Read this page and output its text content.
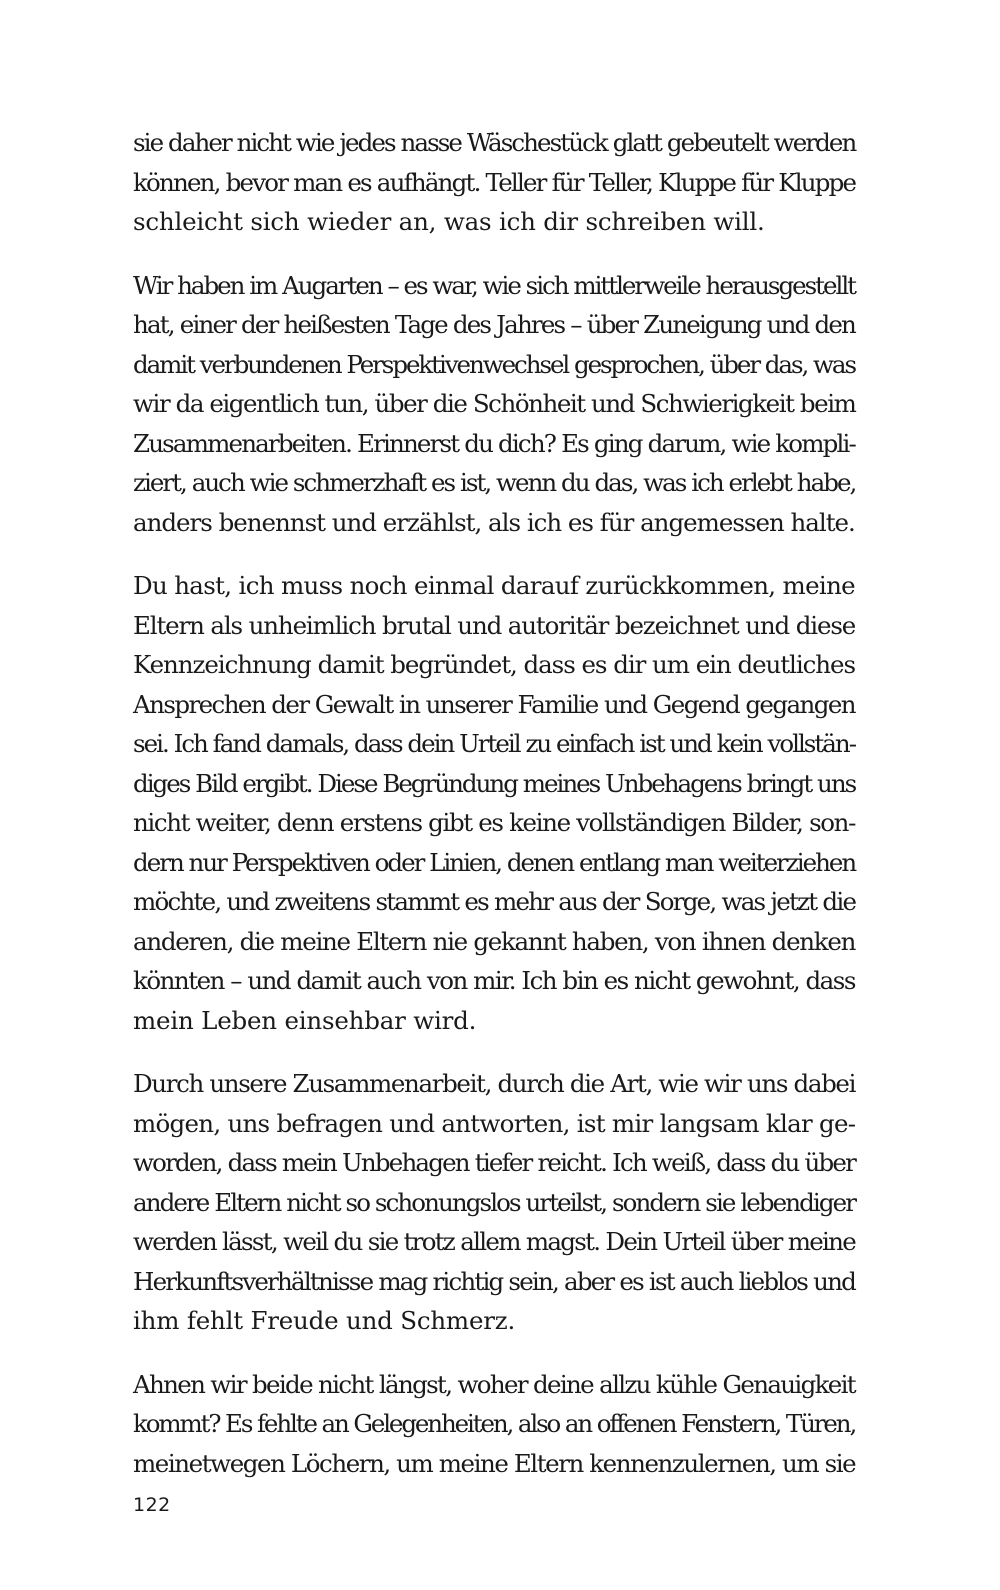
sie daher nicht wie jedes nasse Wäschestück glatt gebeutelt werden
können, bevor man es aufhängt. Teller für Teller, Kluppe für Kluppe
schleicht sich wieder an, was ich dir schreiben will.

Wir haben im Augarten – es war, wie sich mittlerweile herausgestellt
hat, einer der heißesten Tage des Jahres – über Zuneigung und den
damit verbundenen Perspektivenwechsel gesprochen, über das, was
wir da eigentlich tun, über die Schönheit und Schwierigkeit beim
Zusammenarbeiten. Erinnerst du dich? Es ging darum, wie kompli-
ziert, auch wie schmerzhaft es ist, wenn du das, was ich erlebt habe,
anders benennst und erzählst, als ich es für angemessen halte.

Du hast, ich muss noch einmal darauf zurückkommen, meine
Eltern als unheimlich brutal und autoritär bezeichnet und diese
Kennzeichnung damit begründet, dass es dir um ein deutliches
Ansprechen der Gewalt in unserer Familie und Gegend gegangen
sei. Ich fand damals, dass dein Urteil zu einfach ist und kein vollstän-
diges Bild ergibt. Diese Begründung meines Unbehagens bringt uns
nicht weiter, denn erstens gibt es keine vollständigen Bilder, son-
dern nur Perspektiven oder Linien, denen entlang man weiterziehen
möchte, und zweitens stammt es mehr aus der Sorge, was jetzt die
anderen, die meine Eltern nie gekannt haben, von ihnen denken
könnten – und damit auch von mir. Ich bin es nicht gewohnt, dass
mein Leben einsehbar wird.

Durch unsere Zusammenarbeit, durch die Art, wie wir uns dabei
mögen, uns befragen und antworten, ist mir langsam klar ge-
worden, dass mein Unbehagen tiefer reicht. Ich weiß, dass du über
andere Eltern nicht so schonungslos urteilst, sondern sie lebendiger
werden lässt, weil du sie trotz allem magst. Dein Urteil über meine
Herkunftsverhältnisse mag richtig sein, aber es ist auch lieblos und
ihm fehlt Freude und Schmerz.

Ahnen wir beide nicht längst, woher deine allzu kühle Genauigkeit
kommt? Es fehlte an Gelegenheiten, also an offenen Fenstern, Türen,
meinetwegen Löchern, um meine Eltern kennenzulernen, um sie

122
